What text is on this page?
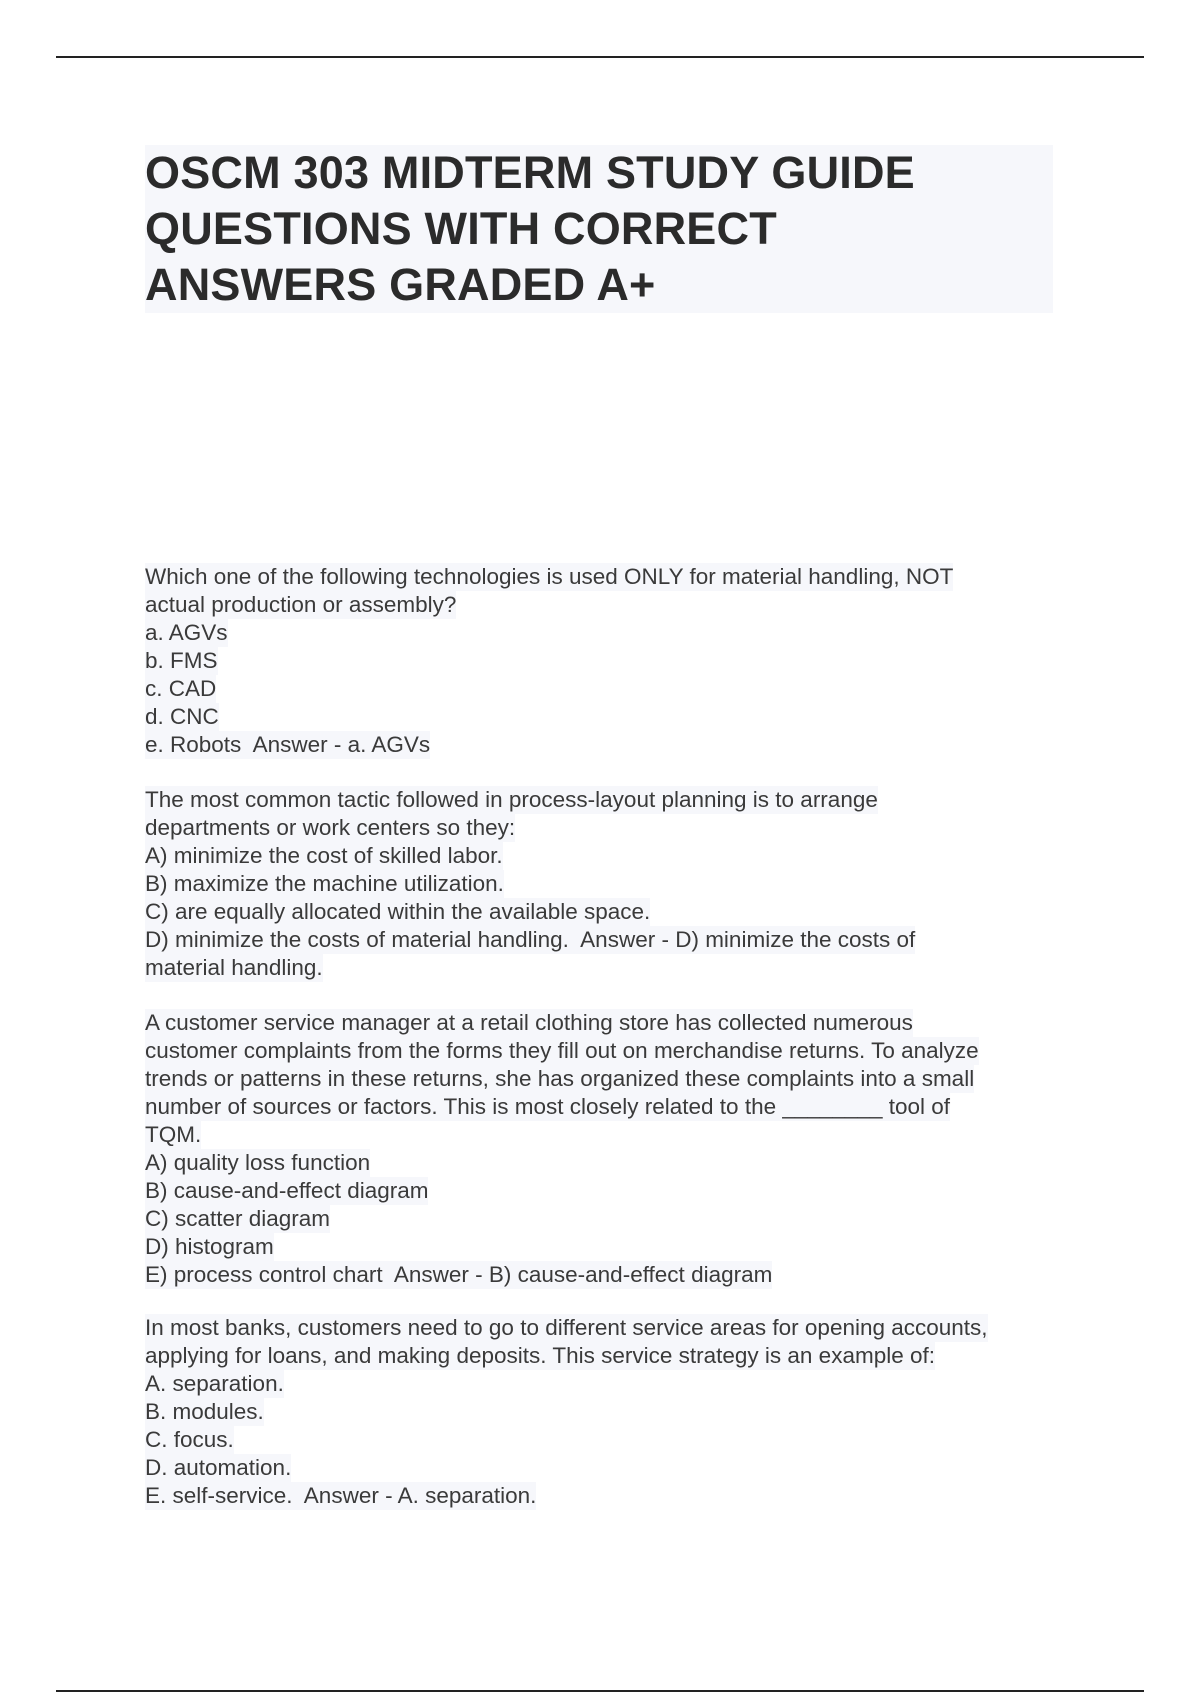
OSCM 303 MIDTERM STUDY GUIDE
QUESTIONS WITH CORRECT
ANSWERS GRADED A+
Which one of the following technologies is used ONLY for material handling, NOT
actual production or assembly?
a. AGVs
b. FMS
c. CAD
d. CNC
e. Robots  Answer - a. AGVs
The most common tactic followed in process-layout planning is to arrange
departments or work centers so they:
A) minimize the cost of skilled labor.
B) maximize the machine utilization.
C) are equally allocated within the available space.
D) minimize the costs of material handling.  Answer - D) minimize the costs of
material handling.
A customer service manager at a retail clothing store has collected numerous
customer complaints from the forms they fill out on merchandise returns. To analyze
trends or patterns in these returns, she has organized these complaints into a small
number of sources or factors. This is most closely related to the ________ tool of
TQM.
A) quality loss function
B) cause-and-effect diagram
C) scatter diagram
D) histogram
E) process control chart  Answer - B) cause-and-effect diagram
In most banks, customers need to go to different service areas for opening accounts,
applying for loans, and making deposits. This service strategy is an example of:
A. separation.
B. modules.
C. focus.
D. automation.
E. self-service.  Answer - A. separation.
